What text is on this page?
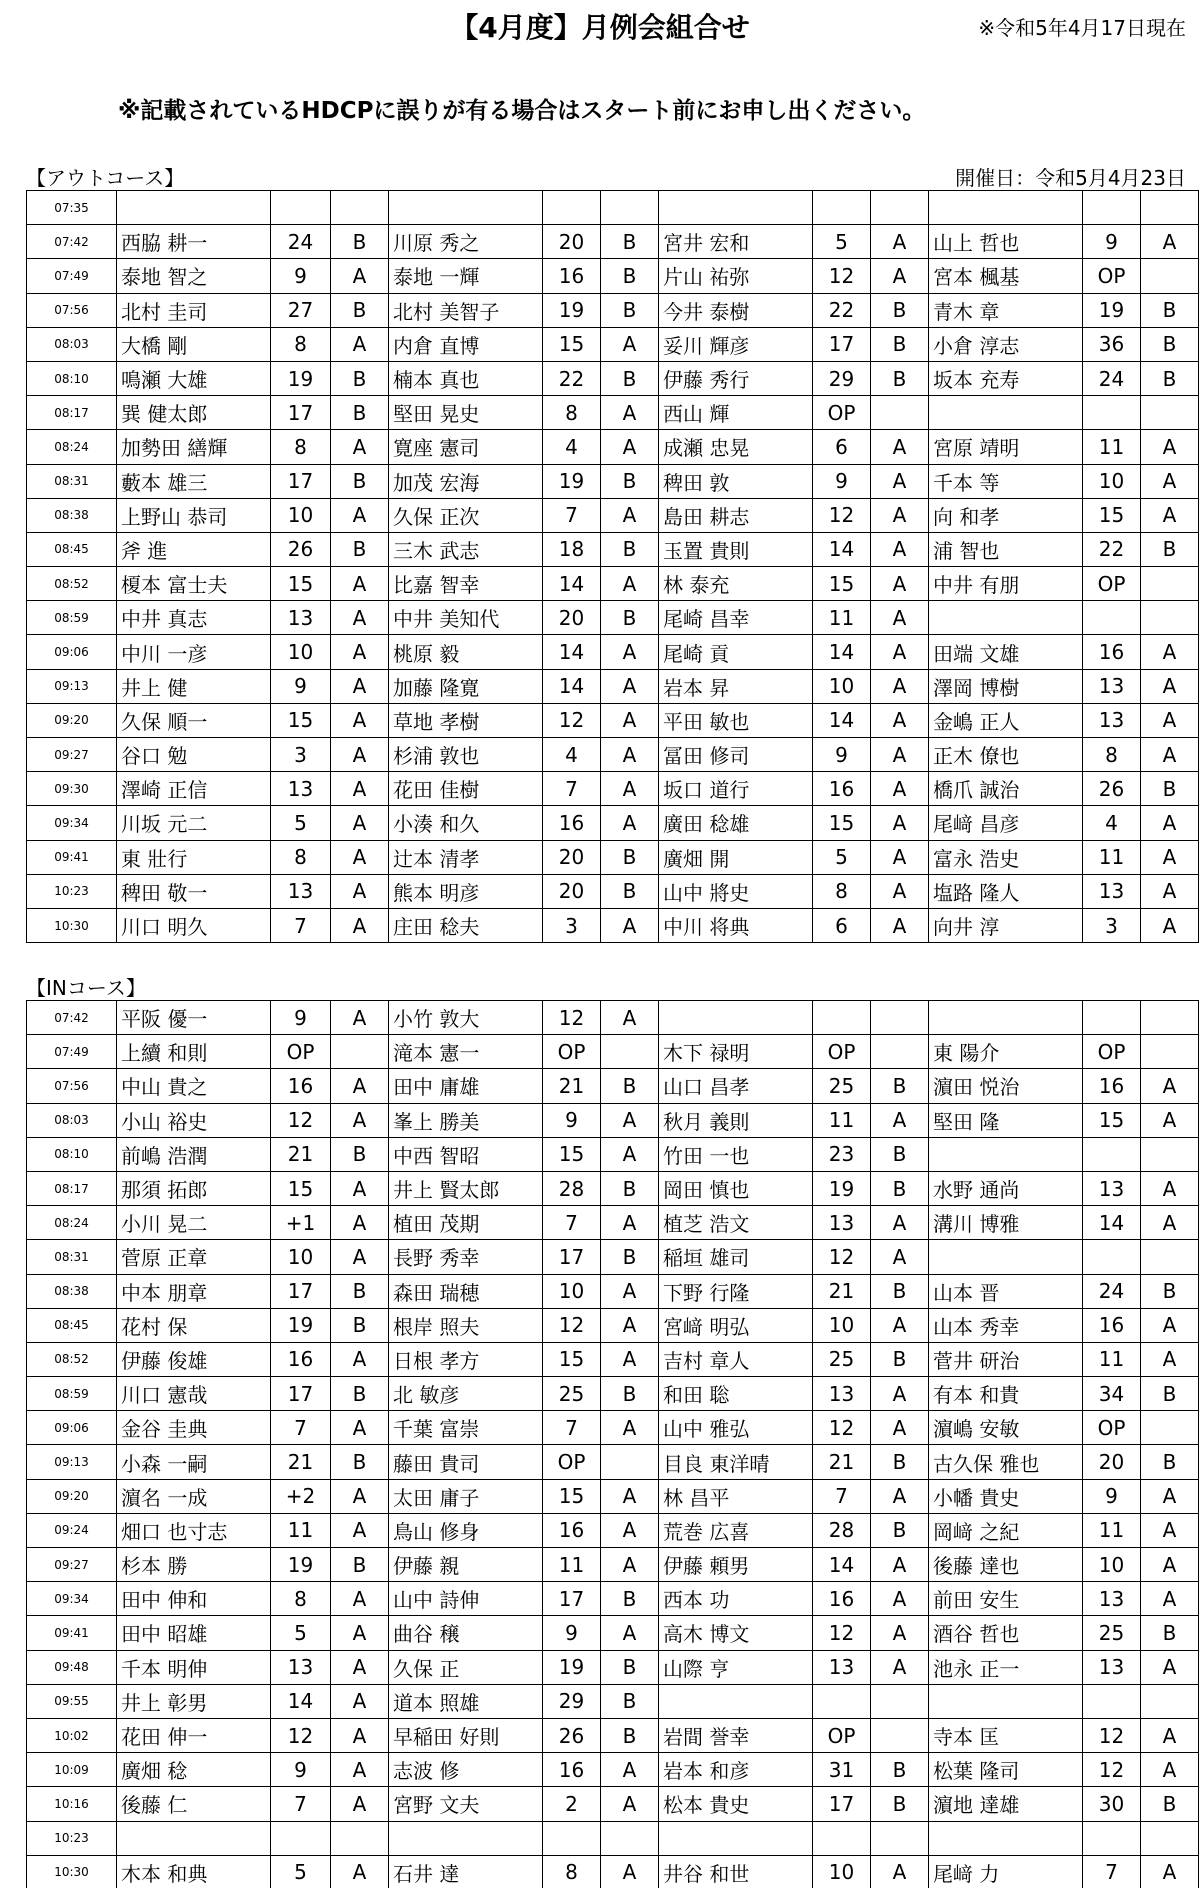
【4月度】月例会組合せ	※令和5年4月17日現在
※記載されているHDCPに誤りが有る場合はスタート前にお申し出ください。
【アウトコース】	開催日：令和5月4月23日
07:35												
07:42	西脇 耕一	24	B	川原 秀之	20	B	宮井 宏和	5	A	山上 哲也	9	A
07:49	泰地 智之	9	A	泰地 一輝	16	B	片山 祐弥	12	A	宮本 楓基	OP	
07:56	北村 圭司	27	B	北村 美智子	19	B	今井 泰樹	22	B	青木 章	19	B
08:03	大橋 剛	8	A	内倉 直博	15	A	妥川 輝彦	17	B	小倉 淳志	36	B
08:10	鳴瀬 大雄	19	B	楠本 真也	22	B	伊藤 秀行	29	B	坂本 充寿	24	B
08:17	巽 健太郎	17	B	堅田 晃史	8	A	西山 輝	OP				
08:24	加勢田 繕輝	8	A	寛座 憲司	4	A	成瀬 忠晃	6	A	宮原 靖明	11	A
08:31	藪本 雄三	17	B	加茂 宏海	19	B	稗田 敦	9	A	千本 等	10	A
08:38	上野山 恭司	10	A	久保 正次	7	A	島田 耕志	12	A	向 和孝	15	A
08:45	斧 進	26	B	三木 武志	18	B	玉置 貴則	14	A	浦 智也	22	B
08:52	榎本 富士夫	15	A	比嘉 智幸	14	A	林 泰充	15	A	中井 有朋	OP	
08:59	中井 真志	13	A	中井 美知代	20	B	尾崎 昌幸	11	A			
09:06	中川 一彦	10	A	桃原 毅	14	A	尾崎 貢	14	A	田端 文雄	16	A
09:13	井上 健	9	A	加藤 隆寛	14	A	岩本 昇	10	A	澤岡 博樹	13	A
09:20	久保 順一	15	A	草地 孝樹	12	A	平田 敏也	14	A	金嶋 正人	13	A
09:27	谷口 勉	3	A	杉浦 敦也	4	A	冨田 修司	9	A	正木 僚也	8	A
09:30	澤崎 正信	13	A	花田 佳樹	7	A	坂口 道行	16	A	橋爪 誠治	26	B
09:34	川坂 元二	5	A	小湊 和久	16	A	廣田 稔雄	15	A	尾﨑 昌彦	4	A
09:41	東 壯行	8	A	辻本 清孝	20	B	廣畑 開	5	A	富永 浩史	11	A
10:23	稗田 敬一	13	A	熊本 明彦	20	B	山中 將史	8	A	塩路 隆人	13	A
10:30	川口 明久	7	A	庄田 稔夫	3	A	中川 将典	6	A	向井 淳	3	A
【INコース】
07:42	平阪 優一	9	A	小竹 敦大	12	A						
07:49	上續 和則	OP		滝本 憲一	OP		木下 禄明	OP		東 陽介	OP	
07:56	中山 貴之	16	A	田中 庸雄	21	B	山口 昌孝	25	B	濵田 悦治	16	A
08:03	小山 裕史	12	A	峯上 勝美	9	A	秋月 義則	11	A	堅田 隆	15	A
08:10	前嶋 浩潤	21	B	中西 智昭	15	A	竹田 一也	23	B			
08:17	那須 拓郎	15	A	井上 賢太郎	28	B	岡田 慎也	19	B	水野 通尚	13	A
08:24	小川 晃二	+1	A	植田 茂期	7	A	植芝 浩文	13	A	溝川 博雅	14	A
08:31	菅原 正章	10	A	長野 秀幸	17	B	稲垣 雄司	12	A			
08:38	中本 朋章	17	B	森田 瑞穂	10	A	下野 行隆	21	B	山本 晋	24	B
08:45	花村 保	19	B	根岸 照夫	12	A	宮﨑 明弘	10	A	山本 秀幸	16	A
08:52	伊藤 俊雄	16	A	日根 孝方	15	A	吉村 章人	25	B	菅井 研治	11	A
08:59	川口 憲哉	17	B	北 敏彦	25	B	和田 聡	13	A	有本 和貴	34	B
09:06	金谷 圭典	7	A	千葉 富崇	7	A	山中 雅弘	12	A	濵嶋 安敏	OP	
09:13	小森 一嗣	21	B	藤田 貴司	OP		目良 東洋晴	21	B	古久保 雅也	20	B
09:20	濵名 一成	+2	A	太田 庸子	15	A	林 昌平	7	A	小幡 貴史	9	A
09:24	畑口 也寸志	11	A	鳥山 修身	16	A	荒巻 広喜	28	B	岡﨑 之紀	11	A
09:27	杉本 勝	19	B	伊藤 親	11	A	伊藤 頼男	14	A	後藤 達也	10	A
09:34	田中 伸和	8	A	山中 詩伸	17	B	西本 功	16	A	前田 安生	13	A
09:41	田中 昭雄	5	A	曲谷 穣	9	A	高木 博文	12	A	酒谷 哲也	25	B
09:48	千本 明伸	13	A	久保 正	19	B	山際 亨	13	A	池永 正一	13	A
09:55	井上 彰男	14	A	道本 照雄	29	B						
10:02	花田 伸一	12	A	早稲田 好則	26	B	岩間 誉幸	OP		寺本 匡	12	A
10:09	廣畑 稔	9	A	志波 修	16	A	岩本 和彦	31	B	松葉 隆司	12	A
10:16	後藤 仁	7	A	宮野 文夫	2	A	松本 貴史	17	B	濵地 達雄	30	B
10:23												
10:30	木本 和典	5	A	石井 達	8	A	井谷 和世	10	A	尾﨑 力	7	A
